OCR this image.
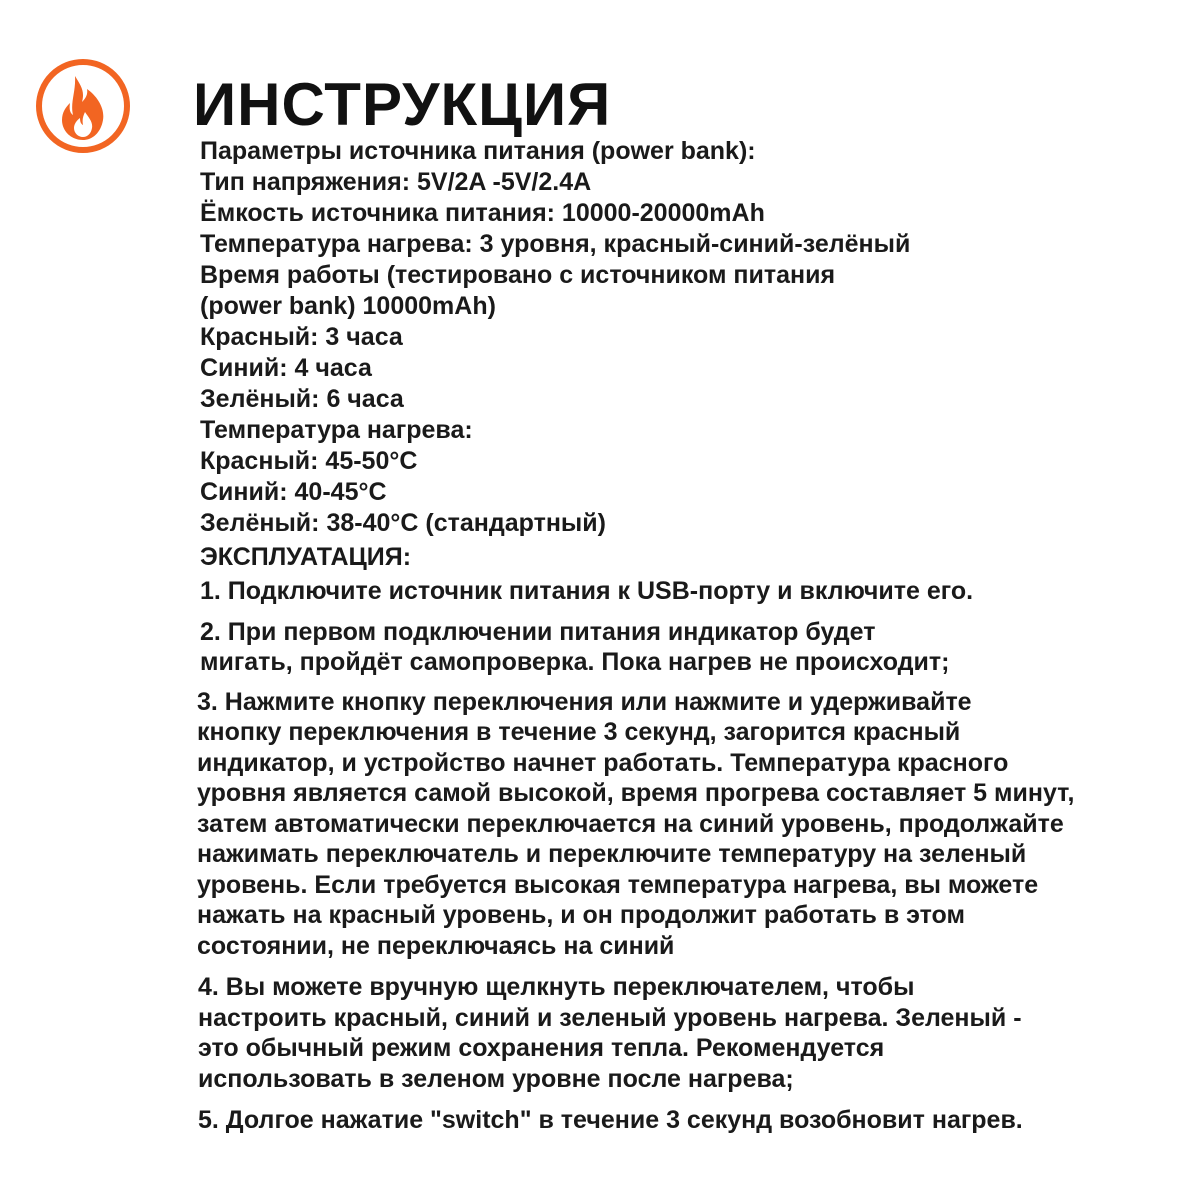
ИНСТРУКЦИЯ
Параметры источника питания (power bank):
Тип напряжения: 5V/2A -5V/2.4A
Ёмкость источника питания: 10000-20000mAh
Температура нагрева: 3 уровня, красный-синий-зелёный
Время работы (тестировано с источником питания
(power bank) 10000mAh)
Красный: 3 часа
Синий: 4 часа
Зелёный: 6 часа
Температура нагрева:
Красный: 45-50°C
Синий: 40-45°C
Зелёный: 38-40°C (стандартный)
ЭКСПЛУАТАЦИЯ:
1. Подключите источник питания к USB-порту и включите его.
2. При первом подключении питания индикатор будет
мигать, пройдёт самопроверка. Пока нагрев не происходит;
3. Нажмите кнопку переключения или нажмите и удерживайте
кнопку переключения в течение 3 секунд, загорится красный
индикатор, и устройство начнет работать. Температура красного
уровня является самой высокой, время прогрева составляет 5 минут,
затем автоматически переключается на синий уровень, продолжайте
нажимать переключатель и переключите температуру на зеленый
уровень. Если требуется высокая температура нагрева, вы можете
нажать на красный уровень, и он продолжит работать в этом
состоянии, не переключаясь на синий
4. Вы можете вручную щелкнуть переключателем, чтобы
настроить красный, синий и зеленый уровень нагрева. Зеленый -
это обычный режим сохранения тепла. Рекомендуется
использовать в зеленом уровне после нагрева;
5. Долгое нажатие "switch" в течение 3 секунд возобновит нагрев.
